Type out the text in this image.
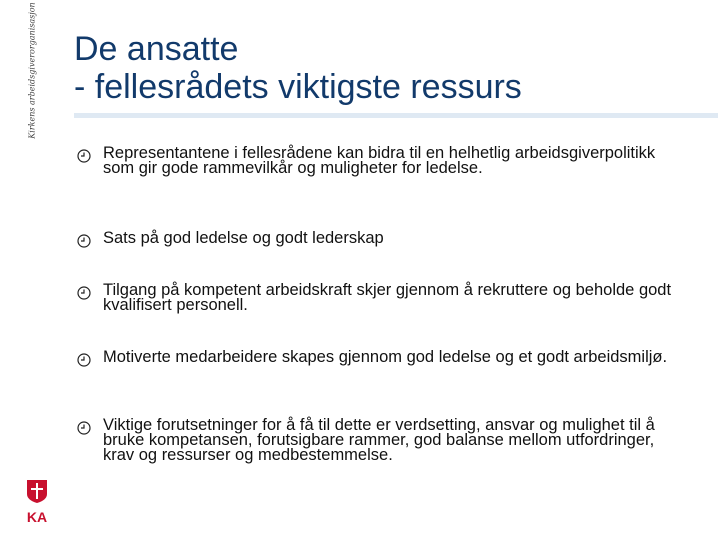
Kirkens arbeidsgiverorganisasjon De ansatte
- fellesrådets viktigste ressurs
Representantene i fellesrådene kan bidra til en helhetlig arbeidsgiverpolitikk som gir gode rammevilkår og muligheter for ledelse.
Sats på god ledelse og godt lederskap
Tilgang på kompetent arbeidskraft skjer gjennom å rekruttere og beholde godt kvalifisert personell.
Motiverte medarbeidere skapes gjennom god ledelse og et godt arbeidsmiljø.
Viktige forutsetninger for å få til dette er verdsetting, ansvar og mulighet til å bruke kompetansen, forutsigbare rammer, god balanse mellom utfordringer, krav og ressurser og medbestemmelse.
KA
